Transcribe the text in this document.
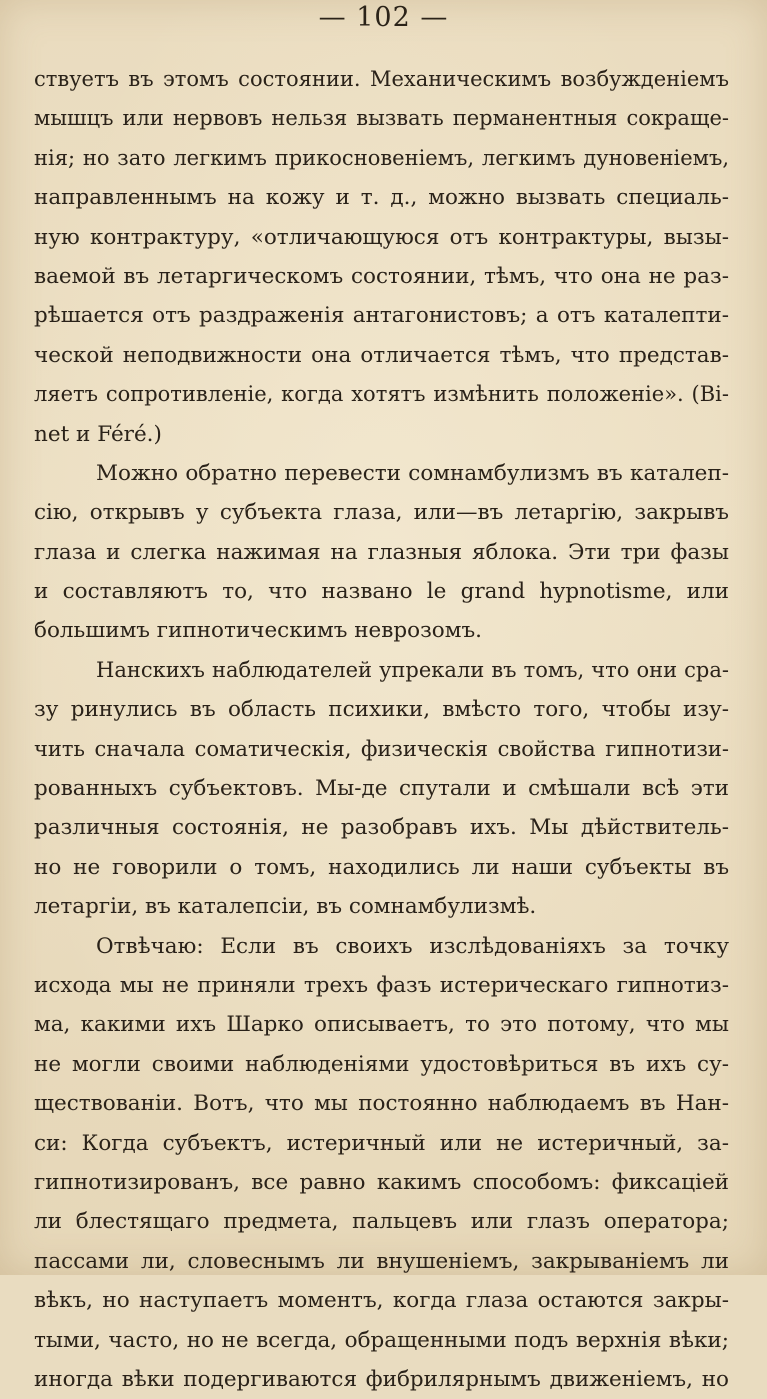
— 102 —
ствуетъ въ этомъ состоянии. Механическимъ возбужденiемъ
мышцъ или нервовъ нельзя вызвать перманентныя сокраще-
нiя; но зато легкимъ прикосновенiемъ, легкимъ дуновенiемъ,
направленнымъ на кожу и т. д., можно вызвать специаль-
ную контрактуру, «отличающуюся отъ контрактуры, вызы-
ваемой въ летаргическомъ состоянии, тѣмъ, что она не раз-
рѣшается отъ раздраженiя антагонистовъ; а отъ каталепти-
ческой неподвижности она отличается тѣмъ, что представ-
ляетъ сопротивленiе, когда хотятъ измѣнить положенiе». (Bi-
net и Féré.)
Можно обратно перевести сомнамбулизмъ въ каталеп-
сiю, открывъ у субъекта глаза, или—въ летаргiю, закрывъ
глаза и слегка нажимая на глазныя яблока. Эти три фазы
и составляютъ то, что названо le grand hypnotisme, или
большимъ гипнотическимъ неврозомъ.
Нанскихъ наблюдателей упрекали въ томъ, что они сра-
зу ринулись въ область психики, вмѣсто того, чтобы изу-
чить сначала соматическiя, физическiя свойства гипнотизи-
рованныхъ субъектовъ. Мы-де спутали и смѣшали всѣ эти
различныя состоянiя, не разобравъ ихъ. Мы дѣйствитель-
но не говорили о томъ, находились ли наши субъекты въ
летаргiи, въ каталепсiи, въ сомнамбулизмѣ.
Отвѣчаю: Если въ своихъ изслѣдованiяхъ за точку
исхода мы не приняли трехъ фазъ истерическаго гипнотиз-
ма, какими ихъ Шарко описываетъ, то это потому, что мы
не могли своими наблюденiями удостовѣриться въ ихъ су-
ществованiи. Вотъ, что мы постоянно наблюдаемъ въ Нан-
си: Когда субъектъ, истеричный или не истеричный, за-
гипнотизированъ, все равно какимъ способомъ: фиксацiей
ли блестящаго предмета, пальцевъ или глазъ оператора;
пассами ли, словеснымъ ли внушенiемъ, закрыванiемъ ли
вѣкъ, но наступаетъ моментъ, когда глаза остаются закры-
тыми, часто, но не всегда, обращенными подъ верхнiя вѣки;
иногда вѣки подергиваются фибрилярнымъ движенiемъ, но
